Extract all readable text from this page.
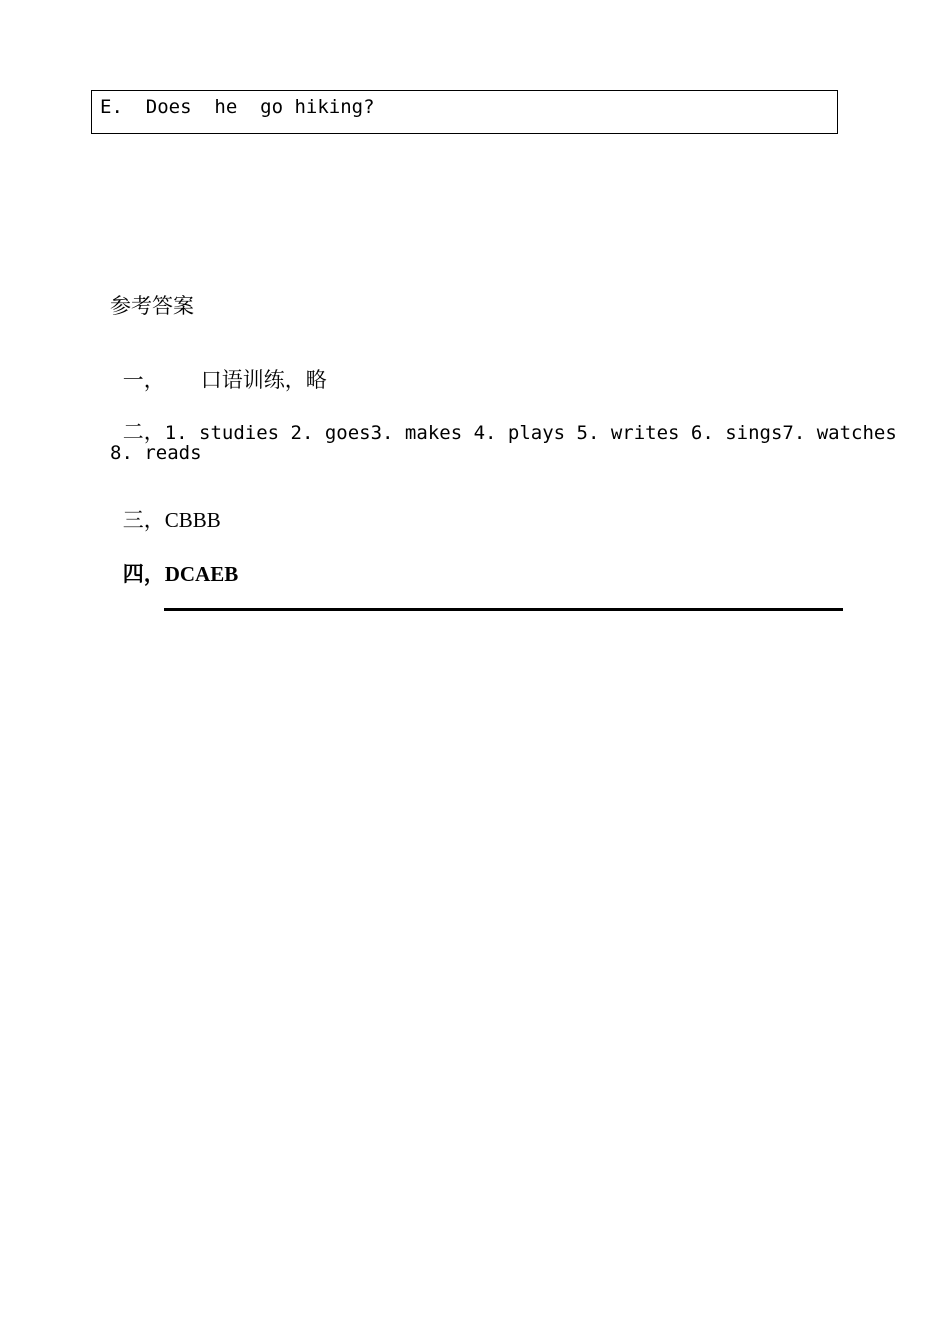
E.  Does  he  go hiking?
参考答案

一， 口语训练，略

二，1. studies 2. goes3. makes 4. plays 5. writes 6. sings7. watches

8. reads

三，CBBB

四，DCAEB
